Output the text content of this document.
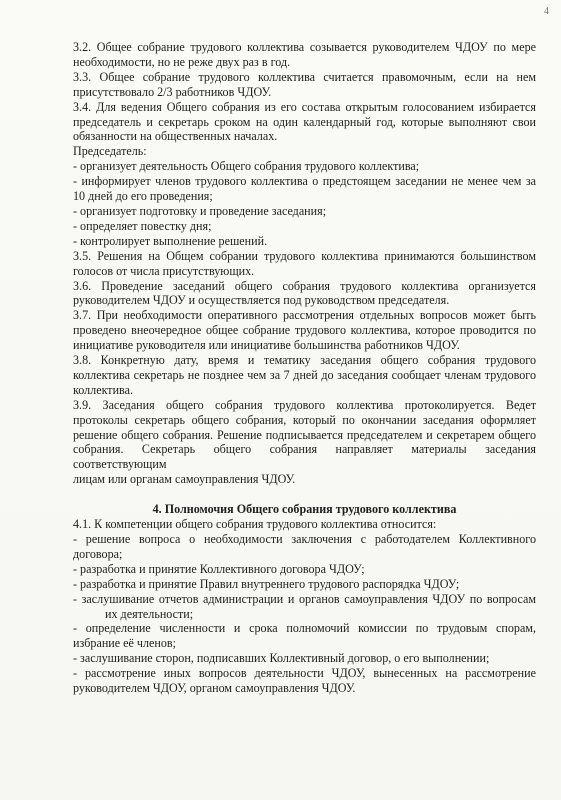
4
3.2. Общее собрание трудового коллектива созывается руководителем ЧДОУ по мере
необходимости, но не реже двух раз в год.
3.3. Общее собрание трудового коллектива считается правомочным, если на нем
присутствовало 2/3 работников ЧДОУ.
3.4. Для ведения Общего собрания из его состава открытым голосованием избирается
председатель и секретарь сроком на один календарный год, которые выполняют свои
обязанности на общественных началах.
Председатель:
- организует деятельность Общего собрания трудового коллектива;
- информирует членов трудового коллектива о предстоящем заседании не менее чем за
10 дней до его проведения;
- организует подготовку и проведение заседания;
- определяет повестку дня;
- контролирует выполнение решений.
3.5. Решения на Общем собрании трудового коллектива принимаются большинством
голосов от числа присутствующих.
3.6. Проведение заседаний общего собрания трудового коллектива организуется
руководителем ЧДОУ и осуществляется под руководством председателя.
3.7. При необходимости оперативного рассмотрения отдельных вопросов может быть
проведено внеочередное общее собрание трудового коллектива, которое проводится по
инициативе руководителя или инициативе большинства работников ЧДОУ.
3.8. Конкретную дату, время и тематику заседания общего собрания трудового
коллектива секретарь не позднее чем за 7 дней до заседания сообщает членам трудового
коллектива.
3.9. Заседания общего собрания трудового коллектива протоколируется. Ведет
протоколы секретарь общего собрания, который по окончании заседания оформляет
решение общего собрания. Решение подписывается председателем и секретарем общего
собрания. Секретарь общего собрания направляет материалы заседания соответствующим
лицам или органам самоуправления ЧДОУ.

4. Полномочия Общего собрания трудового коллектива

4.1. К компетенции общего собрания трудового коллектива относится:
- решение вопроса о необходимости заключения с работодателем Коллективного
договора;
- разработка и принятие Коллективного договора ЧДОУ;
- разработка и принятие Правил внутреннего трудового распорядка ЧДОУ;
- заслушивание отчетов администрации и органов самоуправления ЧДОУ по вопросам
их деятельности;
- определение численности и срока полномочий комиссии по трудовым спорам,
избрание её членов;
- заслушивание сторон, подписавших Коллективный договор, о его выполнении;
- рассмотрение иных вопросов деятельности ЧДОУ, вынесенных на рассмотрение
руководителем ЧДОУ, органом самоуправления ЧДОУ.
